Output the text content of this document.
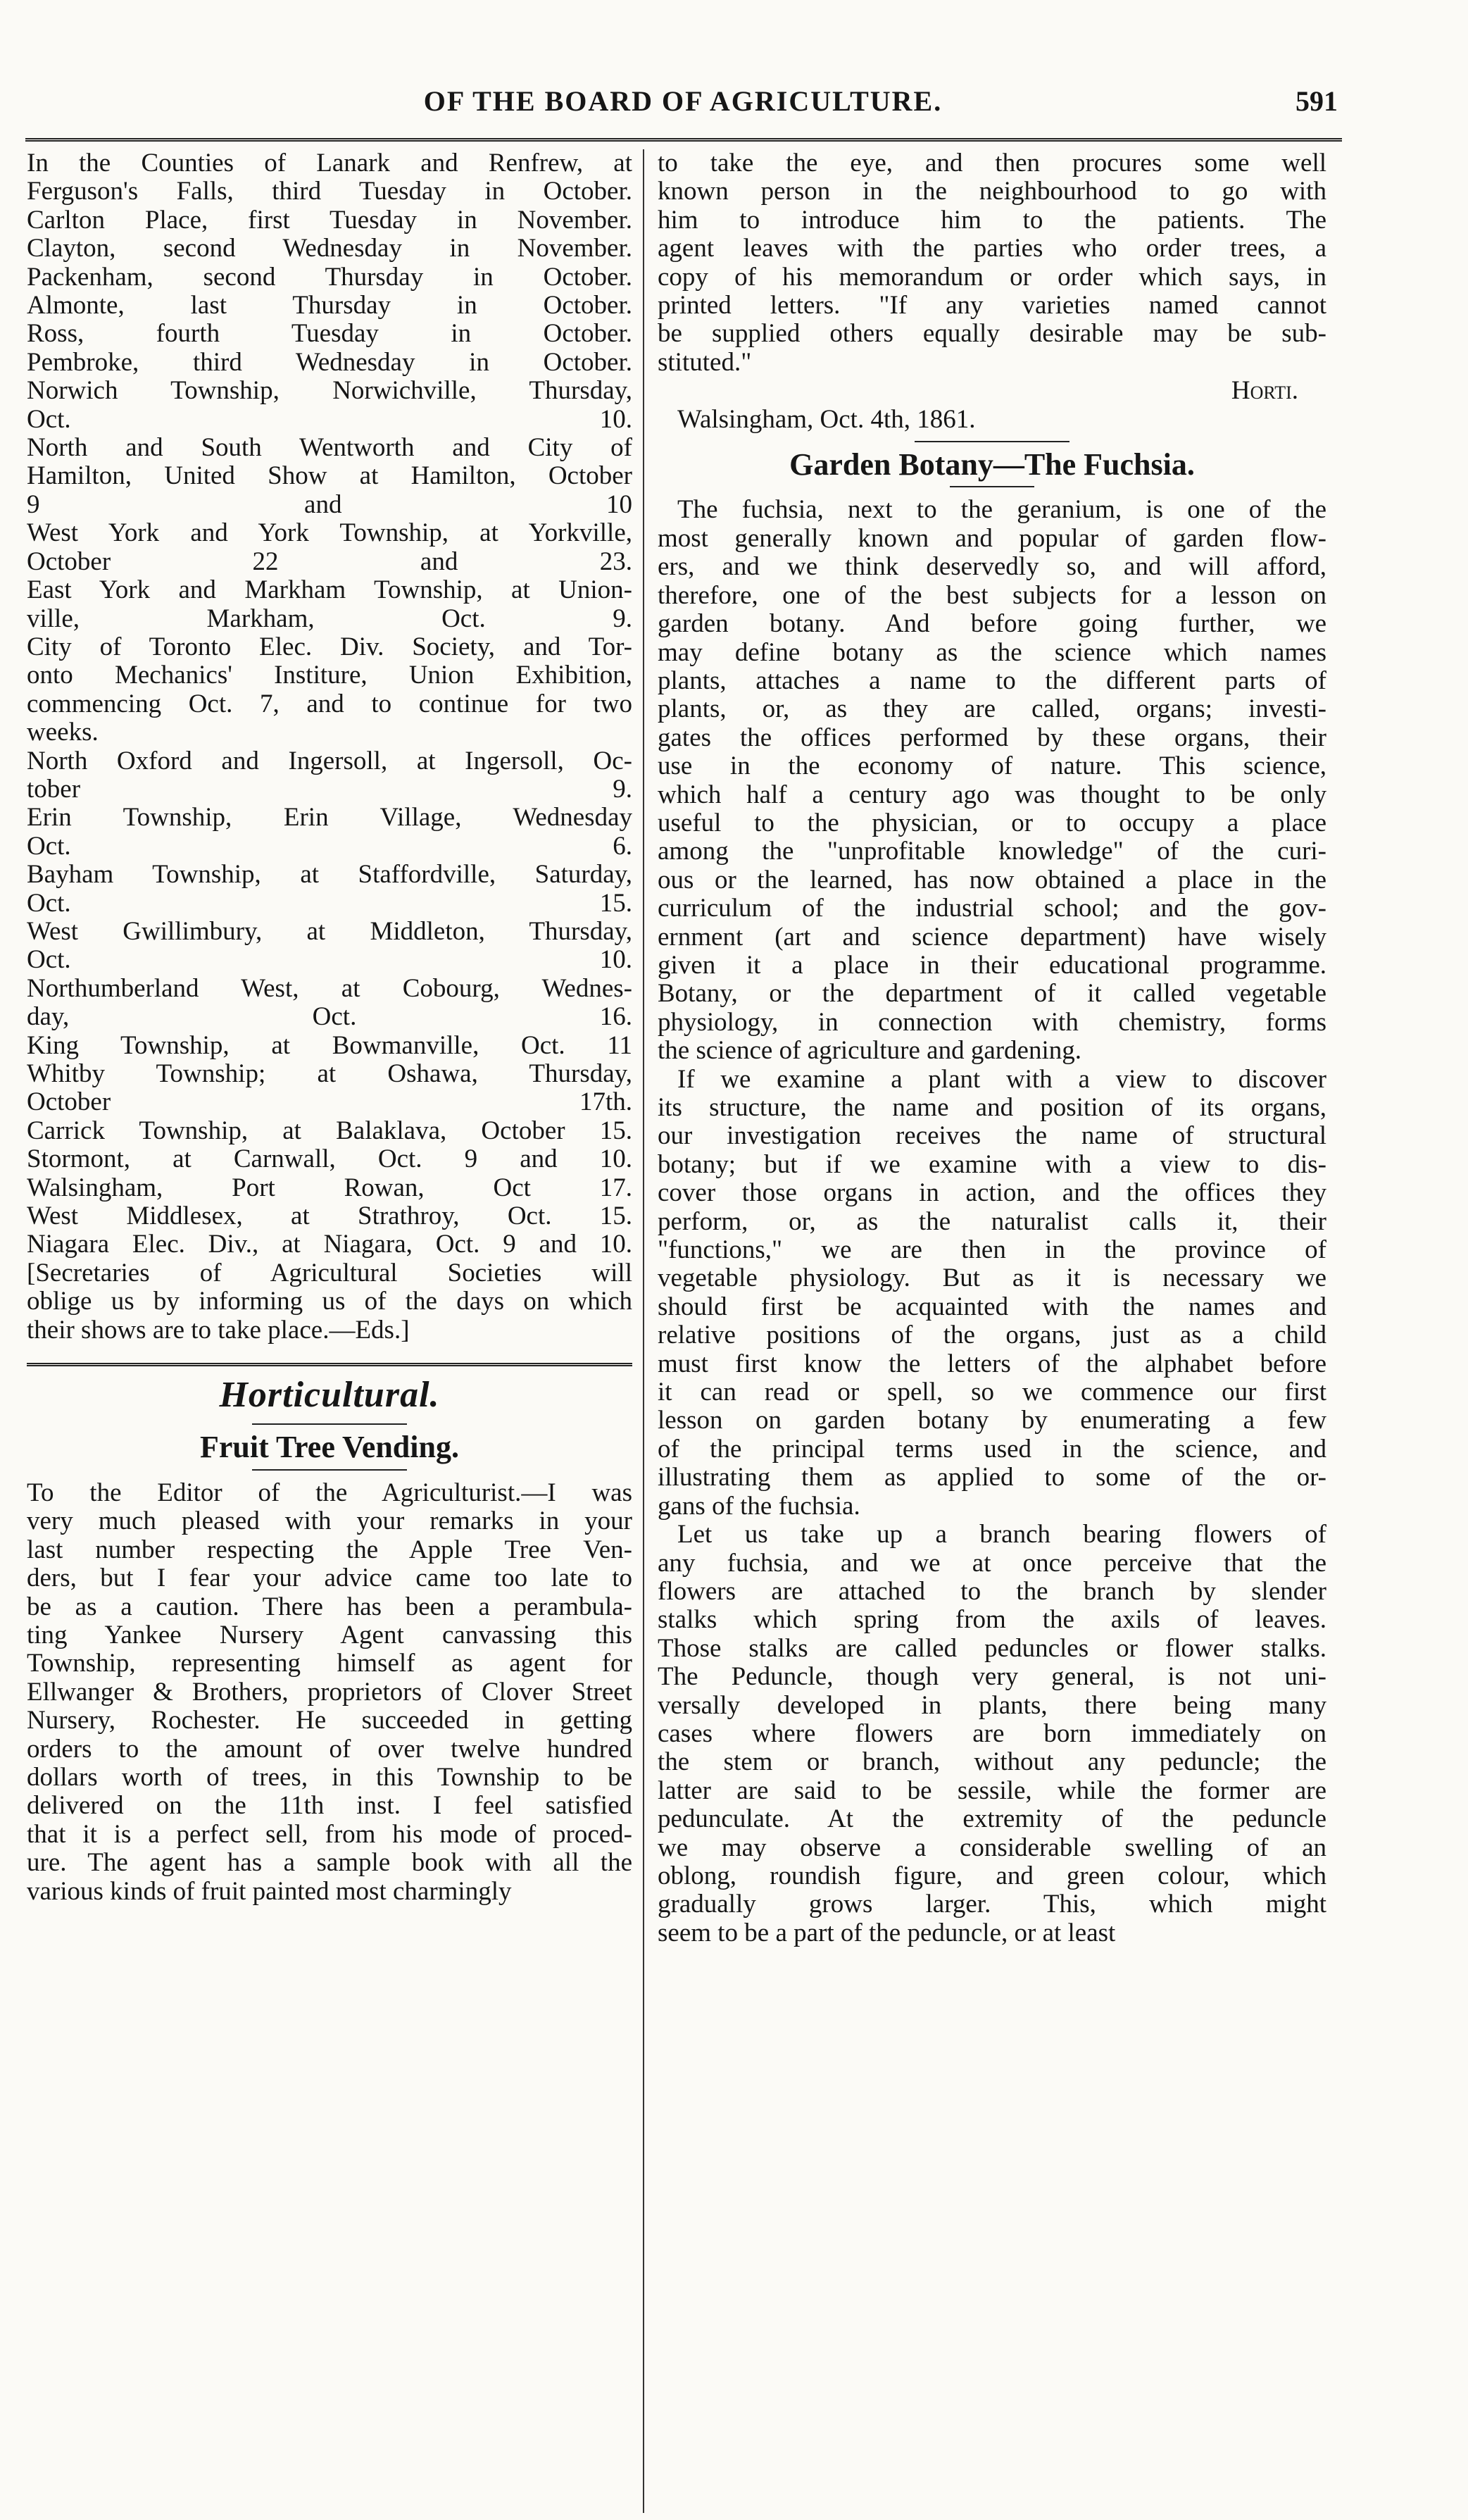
OF THE BOARD OF AGRICULTURE.	591
In the Counties of Lanark and Renfrew, at
Ferguson's Falls, third Tuesday in October.
Carlton Place, first Tuesday in November.
Clayton, second Wednesday in November.
Packenham, second Thursday in October.
Almonte, last Thursday in October.
Ross, fourth Tuesday in October.
Pembroke, third Wednesday in October.
Norwich Township, Norwichville, Thursday,
Oct. 10.
North and South Wentworth and City of
Hamilton, United Show at Hamilton, October
9 and 10
West York and York Township, at Yorkville,
October 22 and 23.
East York and Markham Township, at Union-
ville, Markham, Oct. 9.
City of Toronto Elec. Div. Society, and Tor-
onto Mechanics' Institure, Union Exhibition,
commencing Oct. 7, and to continue for two
weeks.
North Oxford and Ingersoll, at Ingersoll, Oc-
tober 9.
Erin Township, Erin Village, Wednesday
Oct. 6.
Bayham Township, at Staffordville, Saturday,
Oct. 15.
West Gwillimbury, at Middleton, Thursday,
Oct. 10.
Northumberland West, at Cobourg, Wednes-
day, Oct. 16.
King Township, at Bowmanville, Oct. 11
Whitby Township; at Oshawa, Thursday,
October 17th.
Carrick Township, at Balaklava, October 15.
Stormont, at Carnwall, Oct. 9 and 10.
Walsingham, Port Rowan, Oct 17.
West Middlesex, at Strathroy, Oct. 15.
Niagara Elec. Div., at Niagara, Oct. 9 and 10.
[Secretaries of Agricultural Societies will
oblige us by informing us of the days on which
their shows are to take place.—Eds.]
Horticultural.
Fruit Tree Vending.
To the Editor of the Agriculturist.—I was
very much pleased with your remarks in your
last number respecting the Apple Tree Ven-
ders, but I fear your advice came too late to
be as a caution. There has been a perambula-
ting Yankee Nursery Agent canvassing this
Township, representing himself as agent for
Ellwanger & Brothers, proprietors of Clover Street
Nursery, Rochester. He succeeded in getting
orders to the amount of over twelve hundred
dollars worth of trees, in this Township to be
delivered on the 11th inst. I feel satisfied
that it is a perfect sell, from his mode of proced-
ure. The agent has a sample book with all the
various kinds of fruit painted most charmingly
to take the eye, and then procures some well
known person in the neighbourhood to go with
him to introduce him to the patients. The
agent leaves with the parties who order trees, a
copy of his memorandum or order which says, in
printed letters. "If any varieties named cannot
be supplied others equally desirable may be sub-
stituted."
Horti.
Walsingham, Oct. 4th, 1861.
Garden Botany—The Fuchsia.
The fuchsia, next to the geranium, is one of the
most generally known and popular of garden flow-
ers, and we think deservedly so, and will afford,
therefore, one of the best subjects for a lesson on
garden botany. And before going further, we
may define botany as the science which names
plants, attaches a name to the different parts of
plants, or, as they are called, organs; investi-
gates the offices performed by these organs, their
use in the economy of nature. This science,
which half a century ago was thought to be only
useful to the physician, or to occupy a place
among the "unprofitable knowledge" of the curi-
ous or the learned, has now obtained a place in the
curriculum of the industrial school; and the gov-
ernment (art and science department) have wisely
given it a place in their educational programme.
Botany, or the department of it called vegetable
physiology, in connection with chemistry, forms
the science of agriculture and gardening.
If we examine a plant with a view to discover
its structure, the name and position of its organs,
our investigation receives the name of structural
botany; but if we examine with a view to dis-
cover those organs in action, and the offices they
perform, or, as the naturalist calls it, their
"functions," we are then in the province of
vegetable physiology. But as it is necessary we
should first be acquainted with the names and
relative positions of the organs, just as a child
must first know the letters of the alphabet before
it can read or spell, so we commence our first
lesson on garden botany by enumerating a few
of the principal terms used in the science, and
illustrating them as applied to some of the or-
gans of the fuchsia.
Let us take up a branch bearing flowers of
any fuchsia, and we at once perceive that the
flowers are attached to the branch by slender
stalks which spring from the axils of leaves.
Those stalks are called peduncles or flower stalks.
The Peduncle, though very general, is not uni-
versally developed in plants, there being many
cases where flowers are born immediately on
the stem or branch, without any peduncle; the
latter are said to be sessile, while the former are
pedunculate. At the extremity of the peduncle
we may observe a considerable swelling of an
oblong, roundish figure, and green colour, which
gradually grows larger. This, which might
seem to be a part of the peduncle, or at least
